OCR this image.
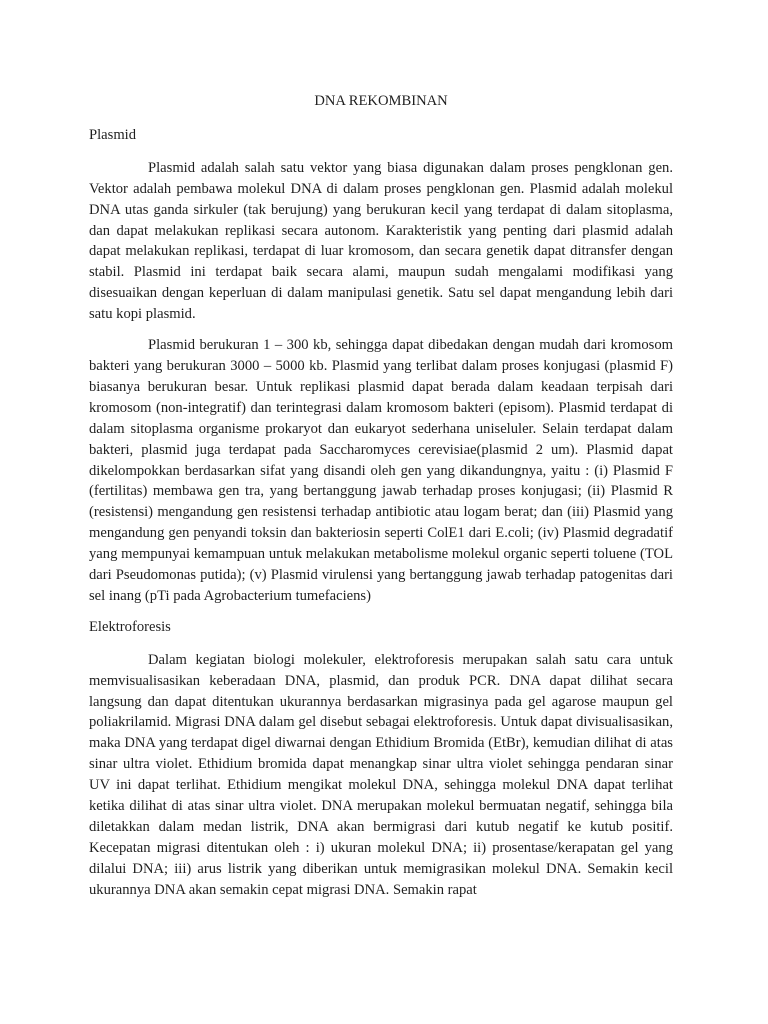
DNA REKOMBINAN
Plasmid

Plasmid adalah salah satu vektor yang biasa digunakan dalam proses pengklonan gen. Vektor adalah pembawa molekul DNA di dalam proses pengklonan gen. Plasmid adalah molekul DNA utas ganda sirkuler (tak berujung) yang berukuran kecil yang terdapat di dalam sitoplasma, dan dapat melakukan replikasi secara autonom. Karakteristik yang penting dari plasmid adalah dapat melakukan replikasi, terdapat di luar kromosom, dan secara genetik dapat ditransfer dengan stabil. Plasmid ini terdapat baik secara alami, maupun sudah mengalami modifikasi yang disesuaikan dengan keperluan di dalam manipulasi genetik. Satu sel dapat mengandung lebih dari satu kopi plasmid.

Plasmid berukuran 1 – 300 kb, sehingga dapat dibedakan dengan mudah dari kromosom bakteri yang berukuran 3000 – 5000 kb. Plasmid yang terlibat dalam proses konjugasi (plasmid F) biasanya berukuran besar. Untuk replikasi plasmid dapat berada dalam keadaan terpisah dari kromosom (non-integratif) dan terintegrasi dalam kromosom bakteri (episom). Plasmid terdapat di dalam sitoplasma organisme prokaryot dan eukaryot sederhana uniseluler. Selain terdapat dalam bakteri, plasmid juga terdapat pada Saccharomyces cerevisiae(plasmid 2 um). Plasmid dapat dikelompokkan berdasarkan sifat yang disandi oleh gen yang dikandungnya, yaitu : (i) Plasmid F (fertilitas) membawa gen tra, yang bertanggung jawab terhadap proses konjugasi; (ii) Plasmid R (resistensi) mengandung gen resistensi terhadap antibiotic atau logam berat; dan (iii) Plasmid yang mengandung gen penyandi toksin dan bakteriosin seperti ColE1 dari E.coli; (iv) Plasmid degradatif yang mempunyai kemampuan untuk melakukan metabolisme molekul organic seperti toluene (TOL dari Pseudomonas putida); (v) Plasmid virulensi yang bertanggung jawab terhadap patogenitas dari sel inang (pTi pada Agrobacterium tumefaciens)

Elektroforesis

Dalam kegiatan biologi molekuler, elektroforesis merupakan salah satu cara untuk memvisualisasikan keberadaan DNA, plasmid, dan produk PCR. DNA dapat dilihat secara langsung dan dapat ditentukan ukurannya berdasarkan migrasinya pada gel agarose maupun gel poliakrilamid. Migrasi DNA dalam gel disebut sebagai elektroforesis. Untuk dapat divisualisasikan, maka DNA yang terdapat digel diwarnai dengan Ethidium Bromida (EtBr), kemudian dilihat di atas sinar ultra violet. Ethidium bromida dapat menangkap sinar ultra violet sehingga pendaran sinar UV ini dapat terlihat. Ethidium mengikat molekul DNA, sehingga molekul DNA dapat terlihat ketika dilihat di atas sinar ultra violet. DNA merupakan molekul bermuatan negatif, sehingga bila diletakkan dalam medan listrik, DNA akan bermigrasi dari kutub negatif ke kutub positif. Kecepatan migrasi ditentukan oleh : i) ukuran molekul DNA; ii) prosentase/kerapatan gel yang dilalui DNA; iii) arus listrik yang diberikan untuk memigrasikan molekul DNA. Semakin kecil ukurannya DNA akan semakin cepat migrasi DNA. Semakin rapat
